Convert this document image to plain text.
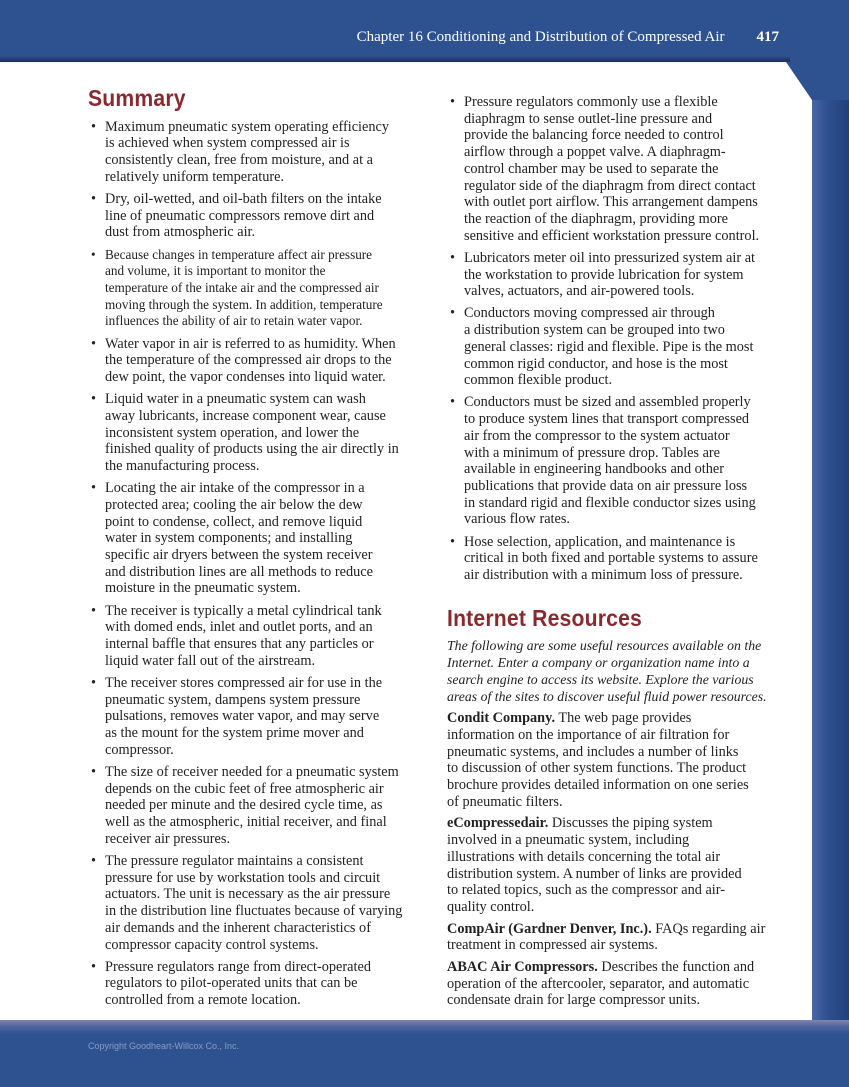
Chapter 16 Conditioning and Distribution of Compressed Air 417
Summary
• Maximum pneumatic system operating efficiency
is achieved when system compressed air is
consistently clean, free from moisture, and at a
relatively uniform temperature.
• Dry, oil-wetted, and oil-bath filters on the intake
line of pneumatic compressors remove dirt and
dust from atmospheric air.
• Because changes in temperature affect air pressure
and volume, it is important to monitor the
temperature of the intake air and the compressed air
moving through the system. In addition, temperature
influences the ability of air to retain water vapor.
• Water vapor in air is referred to as humidity. When
the temperature of the compressed air drops to the
dew point, the vapor condenses into liquid water.
• Liquid water in a pneumatic system can wash
away lubricants, increase component wear, cause
inconsistent system operation, and lower the
finished quality of products using the air directly in
the manufacturing process.
• Locating the air intake of the compressor in a
protected area; cooling the air below the dew
point to condense, collect, and remove liquid
water in system components; and installing
specific air dryers between the system receiver
and distribution lines are all methods to reduce
moisture in the pneumatic system.
• The receiver is typically a metal cylindrical tank
with domed ends, inlet and outlet ports, and an
internal baffle that ensures that any particles or
liquid water fall out of the airstream.
• The receiver stores compressed air for use in the
pneumatic system, dampens system pressure
pulsations, removes water vapor, and may serve
as the mount for the system prime mover and
compressor.
• The size of receiver needed for a pneumatic system
depends on the cubic feet of free atmospheric air
needed per minute and the desired cycle time, as
well as the atmospheric, initial receiver, and final
receiver air pressures.
• The pressure regulator maintains a consistent
pressure for use by workstation tools and circuit
actuators. The unit is necessary as the air pressure
in the distribution line fluctuates because of varying
air demands and the inherent characteristics of
compressor capacity control systems.
• Pressure regulators range from direct-operated
regulators to pilot-operated units that can be
controlled from a remote location.
• Pressure regulators commonly use a flexible
diaphragm to sense outlet-line pressure and
provide the balancing force needed to control
airflow through a poppet valve. A diaphragm-
control chamber may be used to separate the
regulator side of the diaphragm from direct contact
with outlet port airflow. This arrangement dampens
the reaction of the diaphragm, providing more
sensitive and efficient workstation pressure control.
• Lubricators meter oil into pressurized system air at
the workstation to provide lubrication for system
valves, actuators, and air-powered tools.
• Conductors moving compressed air through
a distribution system can be grouped into two
general classes: rigid and flexible. Pipe is the most
common rigid conductor, and hose is the most
common flexible product.
• Conductors must be sized and assembled properly
to produce system lines that transport compressed
air from the compressor to the system actuator
with a minimum of pressure drop. Tables are
available in engineering handbooks and other
publications that provide data on air pressure loss
in standard rigid and flexible conductor sizes using
various flow rates.
• Hose selection, application, and maintenance is
critical in both fixed and portable systems to assure
air distribution with a minimum loss of pressure.
Internet Resources
The following are some useful resources available on the
Internet. Enter a company or organization name into a
search engine to access its website. Explore the various
areas of the sites to discover useful fluid power resources.
Condit Company. The web page provides
information on the importance of air filtration for
pneumatic systems, and includes a number of links
to discussion of other system functions. The product
brochure provides detailed information on one series
of pneumatic filters.
eCompressedair. Discusses the piping system
involved in a pneumatic system, including
illustrations with details concerning the total air
distribution system. A number of links are provided
to related topics, such as the compressor and air-
quality control.
CompAir (Gardner Denver, Inc.). FAQs regarding air
treatment in compressed air systems.
ABAC Air Compressors. Describes the function and
operation of the aftercooler, separator, and automatic
condensate drain for large compressor units.
Copyright Goodheart-Willcox Co., Inc.
